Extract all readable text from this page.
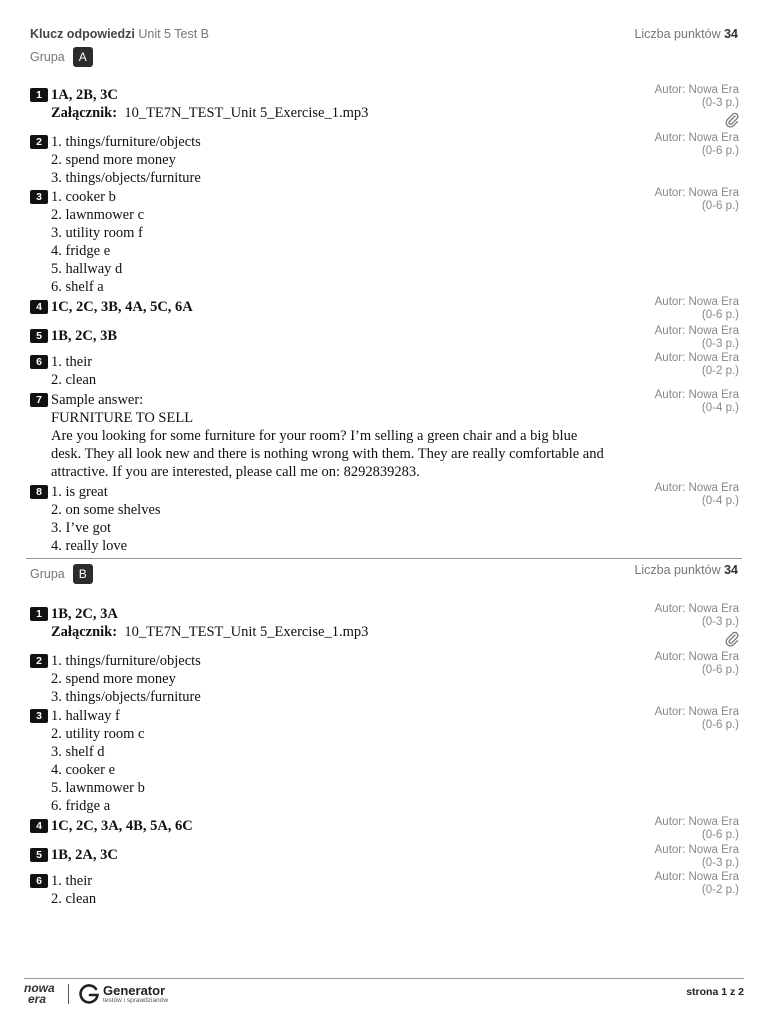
Klucz odpowiedzi Unit 5 Test B	Liczba punktów 34
Grupa	A
1 1A, 2B, 3C
Załącznik: 10_TE7N_TEST_Unit 5_Exercise_1.mp3
Autor: Nowa Era
(0-3 p.)
2 1. things/furniture/objects
2. spend more money
3. things/objects/furniture
Autor: Nowa Era
(0-6 p.)
3 1. cooker b
2. lawnmower c
3. utility room f
4. fridge e
5. hallway d
6. shelf a
Autor: Nowa Era
(0-6 p.)
4 1C, 2C, 3B, 4A, 5C, 6A	Autor: Nowa Era
(0-6 p.)
5 1B, 2C, 3B	Autor: Nowa Era
(0-3 p.)
6 1. their
2. clean
Autor: Nowa Era
(0-2 p.)
7 Sample answer:
FURNITURE TO SELL
Are you looking for some furniture for your room? I’m selling a green chair and a big blue desk. They all look new and there is nothing wrong with them. They are really comfortable and attractive. If you are interested, please call me on: 8292839283.
Autor: Nowa Era
(0-4 p.)
8 1. is great
2. on some shelves
3. I’ve got
4. really love
Autor: Nowa Era
(0-4 p.)
Grupa	B	Liczba punktów 34
1 1B, 2C, 3A
Załącznik: 10_TE7N_TEST_Unit 5_Exercise_1.mp3
Autor: Nowa Era
(0-3 p.)
2 1. things/furniture/objects
2. spend more money
3. things/objects/furniture
Autor: Nowa Era
(0-6 p.)
3 1. hallway f
2. utility room c
3. shelf d
4. cooker e
5. lawnmower b
6. fridge a
Autor: Nowa Era
(0-6 p.)
4 1C, 2C, 3A, 4B, 5A, 6C	Autor: Nowa Era
(0-6 p.)
5 1B, 2A, 3C	Autor: Nowa Era
(0-3 p.)
6 1. their
2. clean
Autor: Nowa Era
(0-2 p.)
nowa
era
Generator
testów i sprawdzianów
strona 1 z 2
